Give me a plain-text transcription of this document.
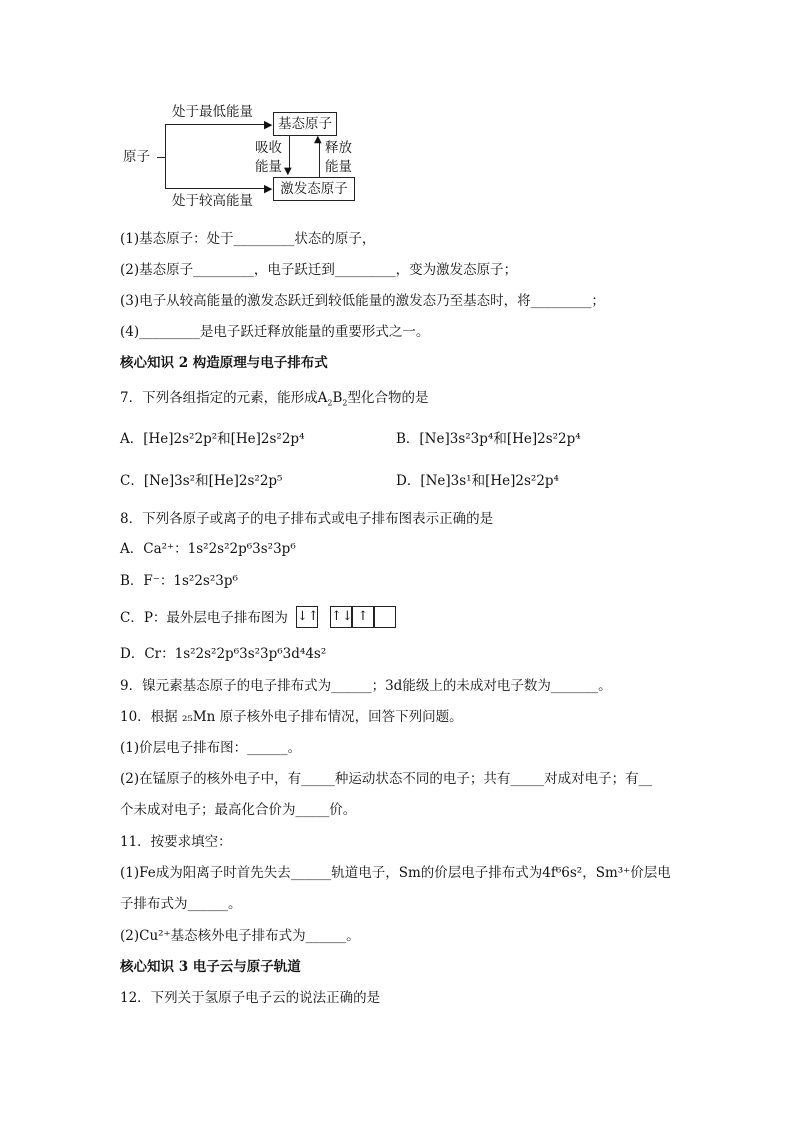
处于最低能量
原子
处于较高能量
▶
▶
基态原子
激发态原子
吸收
能量 ▼
▲
释放
能量
(1)基态原子：处于_________状态的原子，
(2)基态原子_________，电子跃迁到_________，变为激发态原子；
(3)电子从较高能量的激发态跃迁到较低能量的激发态乃至基态时，将_________；
(4)_________是电子跃迁释放能量的重要形式之一。
核心知识 2 构造原理与电子排布式
7．下列各组指定的元素，能形成$A_2B_2$型化合物的是
A．[He]2s²2p²和[He]2s²2p⁴	B．[Ne]3s²3p⁴和[He]2s²2p⁴
C．[Ne]3s²和[He]2s²2p⁵	D．[Ne]3s¹和[He]2s²2p⁴
8．下列各原子或离子的电子排布式或电子排布图表示正确的是
A．Ca²⁺：1s²2s²2p⁶3s²3p⁶
B．F⁻：1s²2s²3p⁶
C．P：最外层电子排布图为 ↓↑ ↑↓ ↑
D．Cr：1s²2s²2p⁶3s²3p⁶3d⁴4s²
9．镍元素基态原子的电子排布式为______；3d能级上的未成对电子数为_______。
10．根据 ₂₅Mn 原子核外电子排布情况，回答下列问题。
(1)价层电子排布图：______。
(2)在锰原子的核外电子中，有_____种运动状态不同的电子；共有_____对成对电子；有__
个未成对电子；最高化合价为_____价。
11．按要求填空：
(1)Fe成为阳离子时首先失去______轨道电子，Sm的价层电子排布式为4f⁶6s²，Sm³⁺价层电
子排布式为______。
(2)Cu²⁺基态核外电子排布式为______。
核心知识 3 电子云与原子轨道
12．下列关于氢原子电子云的说法正确的是
